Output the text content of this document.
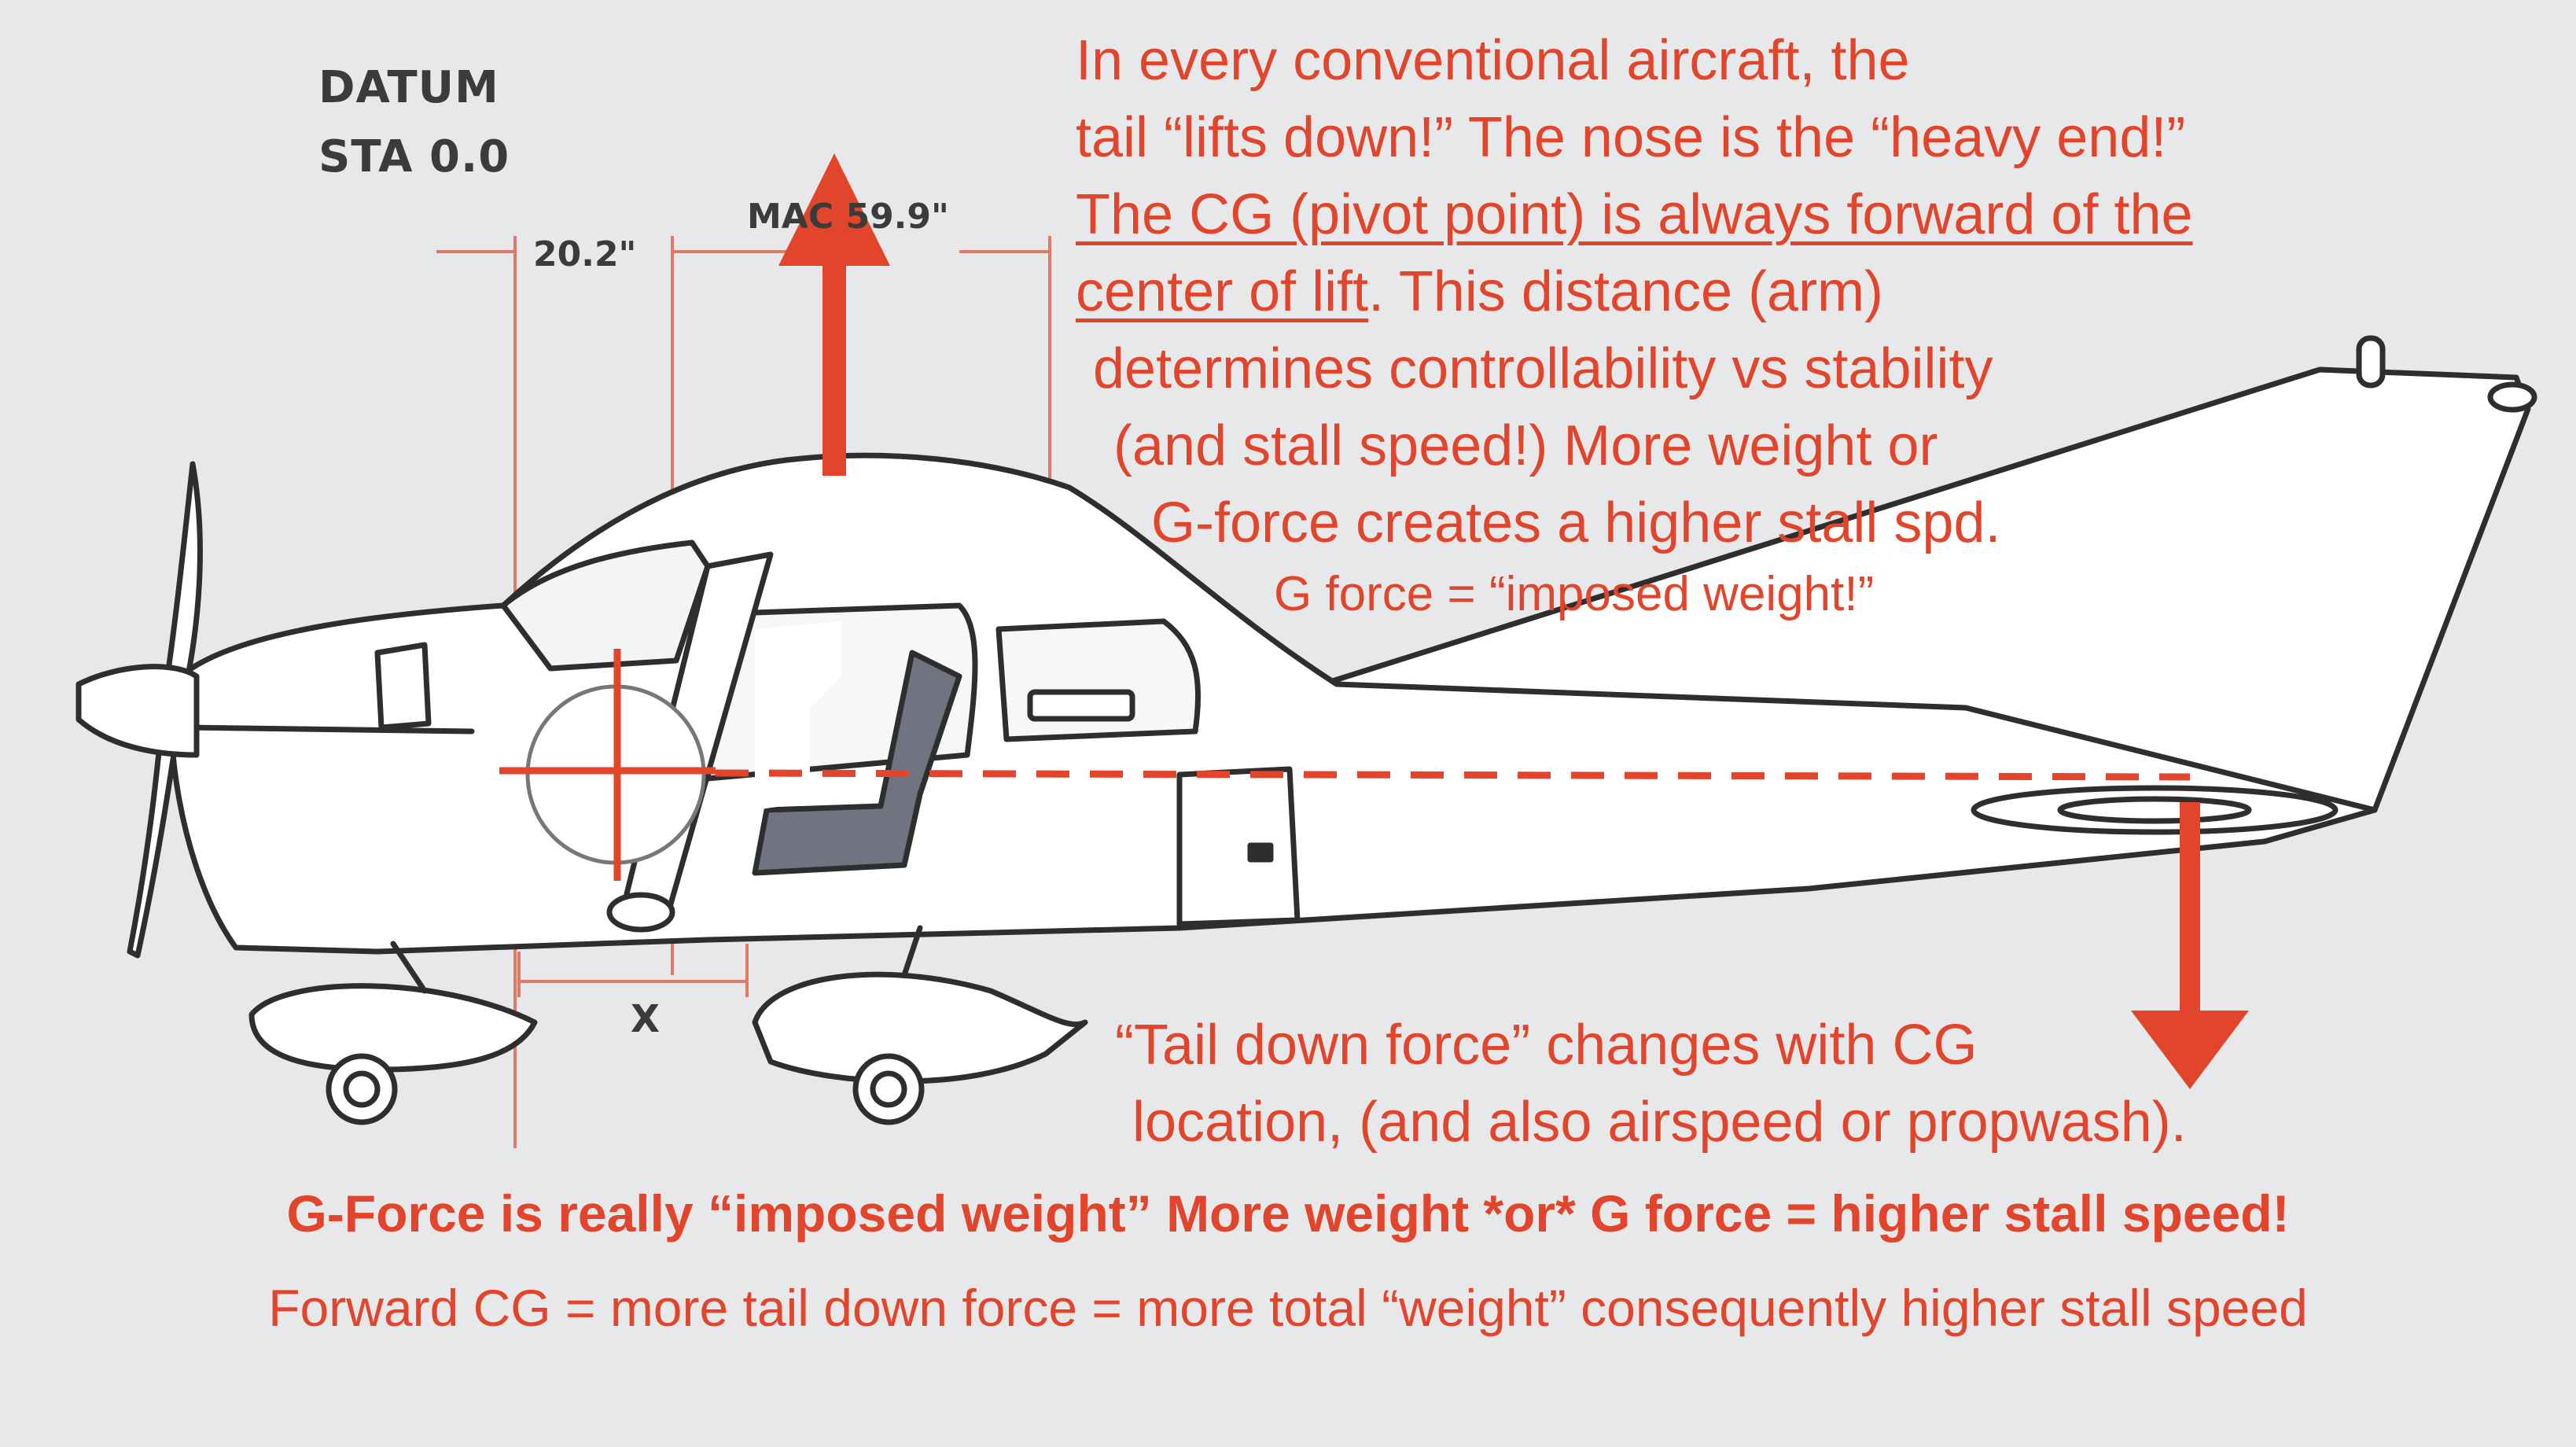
DATUM
STA 0.0
20.2"
MAC 59.9"
X
In every conventional aircraft, the
tail “lifts down!” The nose is the “heavy end!”
The CG (pivot point) is always forward of the
center of lift. This distance (arm)
determines controllability vs stability
(and stall speed!) More weight or
G-force creates a higher stall spd.
G force = “imposed weight!”
“Tail down force” changes with CG
location, (and also airspeed or propwash).
G-Force is really “imposed weight” More weight *or* G force = higher stall speed!
Forward CG = more tail down force = more total “weight” consequently higher stall speed
